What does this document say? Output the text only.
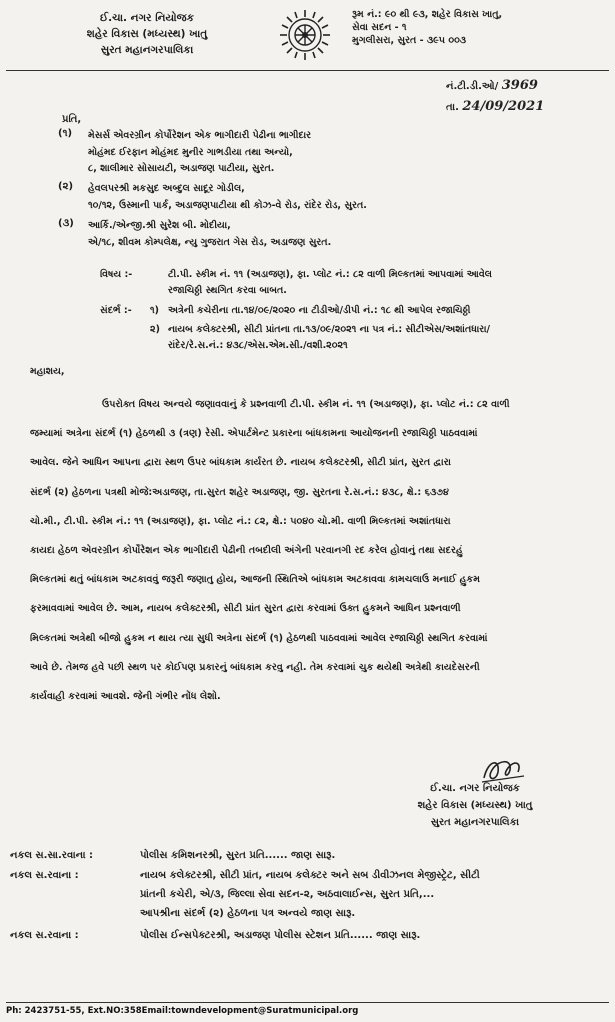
ઈ.ચા. નગર નિયોજક
શહેર વિકાસ (મધ્યસ્થ) ખાતુ
સુરત મહાનગરપાલિકા
રૂમ નં.: ૯૦ થી ૯૩, શહેર વિકાસ ખાતુ,
સેવા સદન - ૧
મુગલીસરા, સુરત - ૩૯૫ ૦૦૩
નં.ટી.ડી.ઓ/ 3969
તા. 24/09/2021
પ્રતિ,
(૧) મેસર્સ એવરગ્રીન કોર્પોરેશન એક ભાગીદારી પેઢીના ભાગીદાર
મોહંમદ ઈરફાન મોહંમદ મુનીર ગાભડીયા તથા અન્યો,
૮, શાલીમાર સોસાયટી, અડાજણ પાટીયા, સુરત.
(૨) હેવલપરશ્રી મકસુદ અબ્દુલ સાદૂર ગોડીલ,
૧૦/૧૨, ઉસ્માની પાર્ક, અડાજણપાટીયા થી કોઝ-વે રોડ, રાંદેર રોડ, સુરત.
(૩) આર્કિ./એન્જી.શ્રી સુરેશ બી. મોદીયા,
એ/૧૮, શીવમ કોમ્પલેક્ષ, ન્યુ ગુજરાત ગેસ રોડ, અડાજણ સુરત.
વિષય :-	ટી.પી. સ્કીમ નં. ૧૧ (અડાજણ), ફા. પ્લોટ નં.: ૮૨ વાળી મિલ્કતમાં આપવામાં આવેલ
રજાચિઠ્ઠી સ્થગિત કરવા બાબત.
સંદર્ભ :- ૧) અત્રેની કચેરીના તા.૧૪/૦૯/૨૦૨૦ ના ટીડીઓ/ડીપી નં.: ૧૮ થી આપેલ રજાચિઠ્ઠી
૨) નાયબ કલેક્ટરશ્રી, સીટી પ્રાંતના તા.૧૩/૦૯/૨૦૨૧ ના પત્ર નં.: સીટીએસ/અશાંતધારા/
રાંદેર/રે.સ.નં.: ૪૩૮/એસ.એમ.સી./વશી.૨૦૨૧
મહાશય,

ઉપરોક્ત વિષય અન્વયે જણાવવાનું કે પ્રશ્નવાળી ટી.પી. સ્કીમ નં. ૧૧ (અડાજણ), ફા. પ્લોટ નં.: ૮૨ વાળી

જમ્યામાં અત્રેના સંદર્ભ (૧) હેઠળથી ૩ (ત્રણ) રેસી. એપાર્ટમેન્ટ પ્રકારના બાંધકામના આયોજનની રજાચિઠ્ઠી પાઠવવામાં

આવેલ. જેને આધિન આપના દ્વારા સ્થળ ઉપર બાંધકામ કાર્યરત છે. નાયબ કલેક્ટરશ્રી, સીટી પ્રાંત, સુરત દ્વારા

સંદર્ભ (૨) હેઠળના પત્રથી મોજે:અડાજણ, તા.સુરત શહેર અડાજણ, જી. સુરતના રે.સ.નં.: ૪૩૮, ક્ષે.: ૬૩૭૪

ચો.મી., ટી.પી. સ્કીમ નં.: ૧૧ (અડાજણ), ફા. પ્લોટ નં.: ૮૨, ક્ષે.: ૫૦૪૦ ચો.મી. વાળી મિલ્કતમાં અશાંતધારા

કાયદા હેઠળ એવરગ્રીન કોર્પોરેશન એક ભાગીદારી પેઢીની તબદીલી અંગેની પરવાનગી રદ કરેલ હોવાનું તથા સદરહું

મિલ્કતમાં થતું બાંધકામ અટકાવવું જરૂરી જણાતુ હોય, આજની સ્થિતિએ બાંધકામ અટકાવવા કામચલાઉ મનાઈ હુકમ

ફરમાવવામાં આવેલ છે. આમ, નાયબ કલેક્ટરશ્રી, સીટી પ્રાંત સુરત દ્વારા કરવામાં ઉક્ત હુકમને આધિન પ્રશ્નવાળી

મિલ્કતમાં અત્રેથી બીજો હુકમ ન થાય ત્યા સુધી અત્રેના સંદર્ભ (૧) હેઠળથી પાઠવવામાં આવેલ રજાચિઠ્ઠી સ્થગિત કરવામાં

આવે છે. તેમજ હવે પછી સ્થળ પર કોઈપણ પ્રકારનું બાંધકામ કરવુ નહી. તેમ કરવામાં ચુક થયેથી અત્રેથી કાયદેસરની

કાર્યવાહી કરવામાં આવશે. જેની ગંભીર નોંધ લેશો.

ઈ.ચા. નગર નિયોજક
શહેર વિકાસ (મધ્યસ્થ) ખાતુ
સુરત મહાનગરપાલિકા
નકલ સ.સા.રવાના :	પોલીસ કમિશનરશ્રી, સુરત પ્રતિ...... જાણ સારૂ.
નકલ સ.રવાના :	નાયબ કલેક્ટરશ્રી, સીટી પ્રાંત, નાયબ કલેક્ટર અને સબ ડીવીઝનલ મેજીસ્ટ્રેટ, સીટી
પ્રાંતની કચેરી, એ/૩, જિલ્લા સેવા સદન-૨, અઠવાલાઈન્સ, સુરત પ્રતિ,...
આપશ્રીના સંદર્ભ (૨) હેઠળના પત્ર અન્વયે જાણ સારૂ.
નકલ સ.રવાના :	પોલીસ ઈન્સપેક્ટરશ્રી, અડાજણ પોલીસ સ્ટેશન પ્રતિ...... જાણ સારૂ.
Ph: 2423751-55, Ext.NO:358Email:towndevelopment@Suratmunicipal.org
